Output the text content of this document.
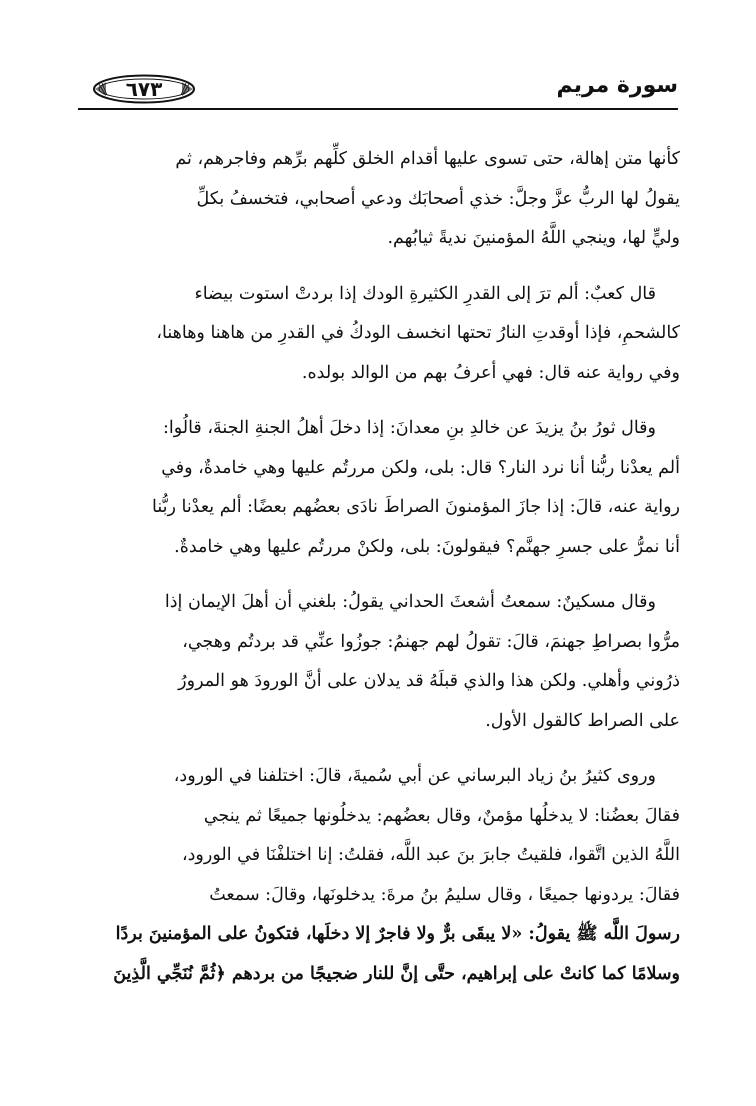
٦٧٣	سورة مريم

كأنها متن إهالة، حتى تسوى عليها أقدام الخلق كلِّهم برِّهم وفاجرهم، ثم
يقولُ لها الربُّ عزَّ وجلَّ: خذي أصحابَك ودعي أصحابي، فتخسفُ بكلِّ
وليٍّ لها، وينجي اللَّهُ المؤمنينَ نديةً ثيابُهم.

قال كعبٌ: ألم ترَ إلى القدرِ الكثيرةِ الودك إذا بردتْ استوت بيضاء
كالشحمِ، فإذا أوقدتِ النارُ تحتها انخسف الودكُ في القدرِ من هاهنا وهاهنا،
وفي رواية عنه قال: فهي أعرفُ بهم من الوالد بولده.

وقال ثورُ بنُ يزيدَ عن خالدِ بنِ معدانَ: إذا دخلَ أهلُ الجنةِ الجنةَ، قالُوا:
ألم يعدْنا ربُّنا أنا نرد النار؟ قال: بلى، ولكن مررتُم عليها وهي خامدةٌ، وفي
رواية عنه، قالَ: إذا جازَ المؤمنونَ الصراطَ نادَى بعضُهم بعضًا: ألم يعدْنا ربُّنا
أنا نمرُّ على جسرِ جهنَّم؟ فيقولونَ: بلى، ولكنْ مررتُم عليها وهي خامدةٌ.

وقال مسكينٌ: سمعتُ أشعثَ الحداني يقولُ: بلغني أن أهلَ الإيمان إذا
مرُّوا بصراطِ جهنمَ، قالَ: تقولُ لهم جهنمُ: جوزُوا عنِّي قد بردتُم وهجي،
ذرُوني وأهلي. ولكن هذا والذي قبلَهُ قد يدلان على أنَّ الورودَ هو المرورُ
على الصراط كالقول الأول.

وروى كثيرُ بنُ زياد البرساني عن أبي سُميةَ، قالَ: اختلفنا في الورود،
فقالَ بعضُنا: لا يدخلُها مؤمنٌ، وقال بعضُهم: يدخلُونها جميعًا ثم ينجي
اللَّهُ الذين اتَّقوا، فلقيتُ جابرَ بنَ عبد اللَّه، فقلتُ: إنا اختلفْنَا في الورود،
فقالَ: يردونها جميعًا ، وقال سليمُ بنُ مرةَ: يدخلونَها، وقالَ: سمعتُ
رسولَ اللَّه ﷺ يقولُ: «لا يبقَى برٌّ ولا فاجرٌ إلا دخلَها، فتكونُ على المؤمنينَ بردًا
وسلامًا كما كانتْ على إبراهيم، حتَّى إنَّ للنار ضجيجًا من بردهم ﴿ثُمَّ نُنَجِّي الَّذِينَ
